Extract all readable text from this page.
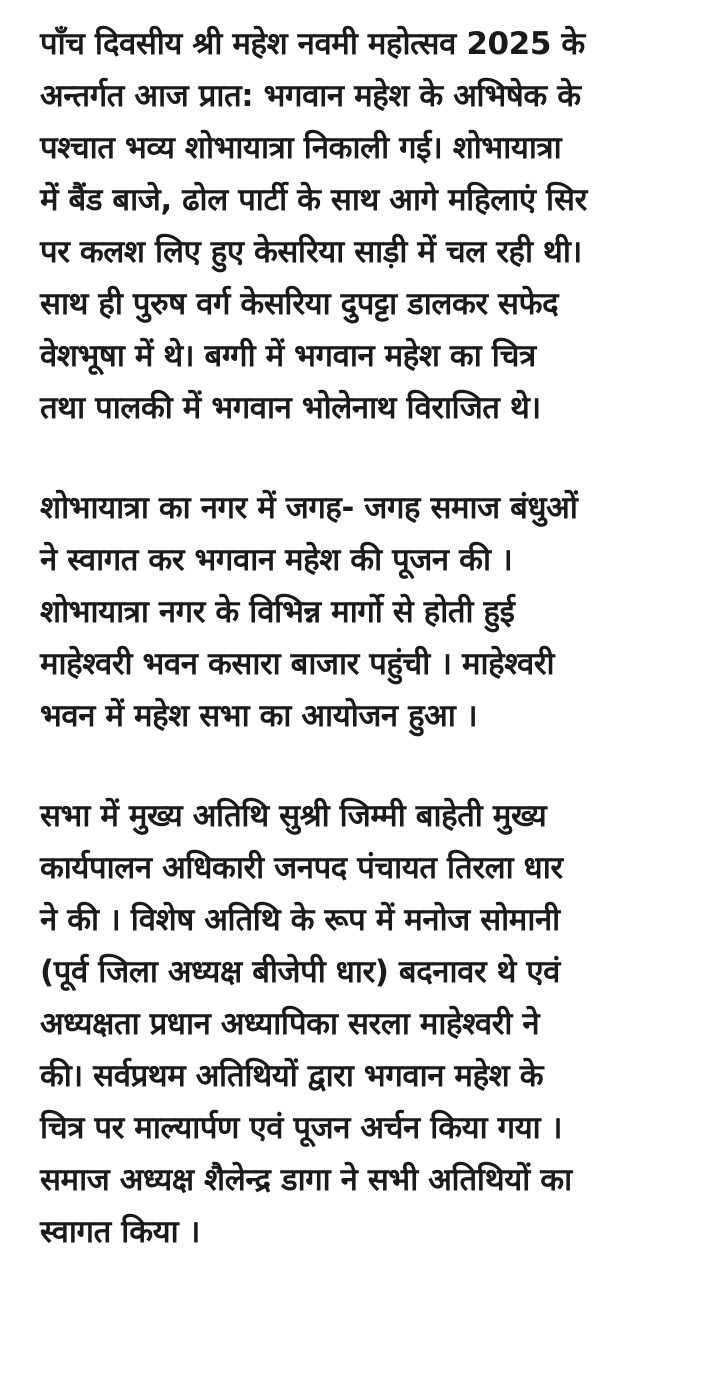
पाँच दिवसीय श्री महेश नवमी महोत्सव 2025 के
अन्तर्गत आज प्रात: भगवान महेश के अभिषेक के
पश्चात भव्य शोभायात्रा निकाली गई। शोभायात्रा
में बैंड बाजे, ढोल पार्टी के साथ आगे महिलाएं सिर
पर कलश लिए हुए केसरिया साड़ी में चल रही थी।
साथ ही पुरुष वर्ग केसरिया दुपट्टा डालकर सफेद
वेशभूषा में थे। बग्गी में भगवान महेश का चित्र
तथा पालकी में भगवान भोलेनाथ विराजित थे।

शोभायात्रा का नगर में जगह- जगह समाज बंधुओं
ने स्वागत कर भगवान महेश की पूजन की ।
शोभायात्रा नगर के विभिन्न मार्गो से होती हुई
माहेश्वरी भवन कसारा बाजार पहुंची । माहेश्वरी
भवन में महेश सभा का आयोजन हुआ ।

सभा में मुख्य अतिथि सुश्री जिम्मी बाहेती मुख्य
कार्यपालन अधिकारी जनपद पंचायत तिरला धार
ने की । विशेष अतिथि के रूप में मनोज सोमानी
(पूर्व जिला अध्यक्ष बीजेपी धार) बदनावर थे एवं
अध्यक्षता प्रधान अध्यापिका सरला माहेश्वरी ने
की। सर्वप्रथम अतिथियों द्वारा भगवान महेश के
चित्र पर माल्यार्पण एवं पूजन अर्चन किया गया ।
समाज अध्यक्ष शैलेन्द्र डागा ने सभी अतिथियों का
स्वागत किया ।
